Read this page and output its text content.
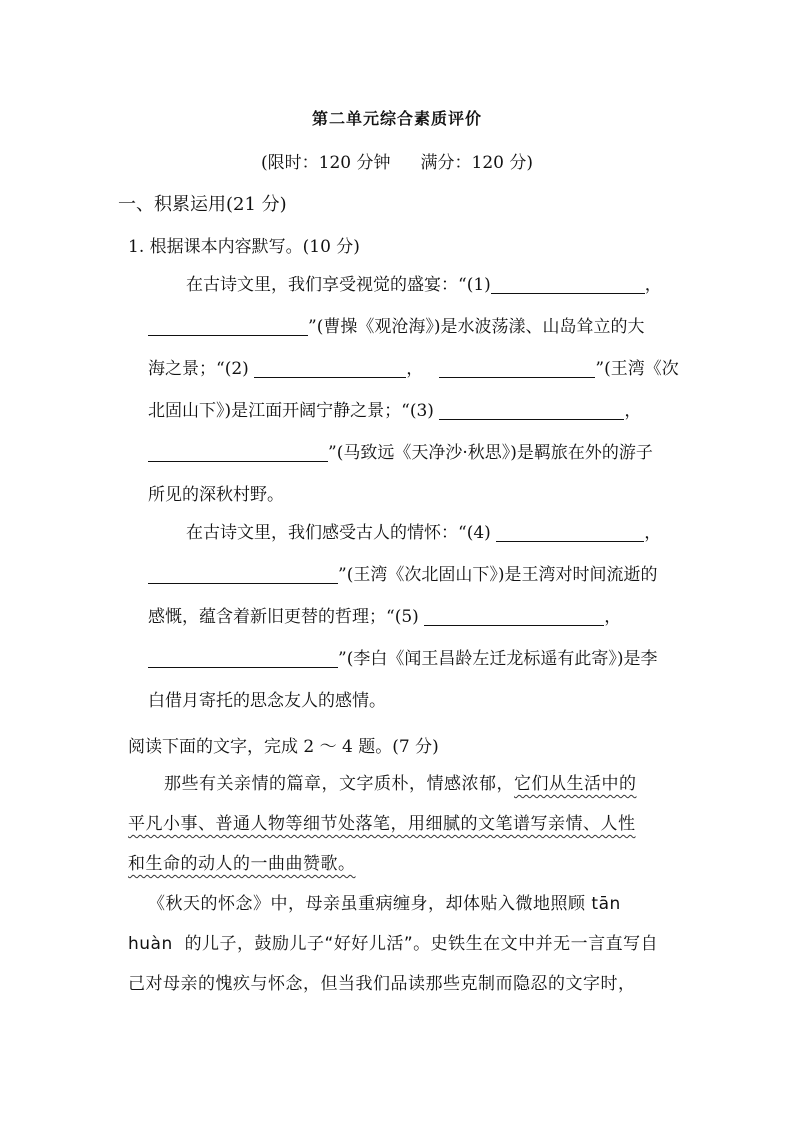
第二单元综合素质评价
(限时：120 分钟 满分：120 分)
一、积累运用(21 分)
1. 根据课本内容默写。(10 分)
在古诗文里，我们享受视觉的盛宴：“(1)	，
”(曹操《观沧海》)是水波荡漾、山岛耸立的大
海之景；“(2)	，	”(王湾《次
北固山下》)是江面开阔宁静之景；“(3)	，
”(马致远《天净沙·秋思》)是羁旅在外的游子
所见的深秋村野。
在古诗文里，我们感受古人的情怀：“(4)	，
”(王湾《次北固山下》)是王湾对时间流逝的
感慨，蕴含着新旧更替的哲理；“(5)	，
”(李白《闻王昌龄左迁龙标遥有此寄》)是李
白借月寄托的思念友人的感情。
阅读下面的文字，完成 2 ～ 4 题。(7 分)
那些有关亲情的篇章，文字质朴，情感浓郁，它们从生活中的
平凡小事、普通人物等细节处落笔，用细腻的文笔谱写亲情、人性
和生命的动人的一曲曲赞歌。
《秋天的怀念》中，母亲虽重病缠身，却体贴入微地照顾 tān
huàn 的儿子，鼓励儿子“好好儿活”。史铁生在文中并无一言直写自
己对母亲的愧疚与怀念，但当我们品读那些克制而隐忍的文字时，
